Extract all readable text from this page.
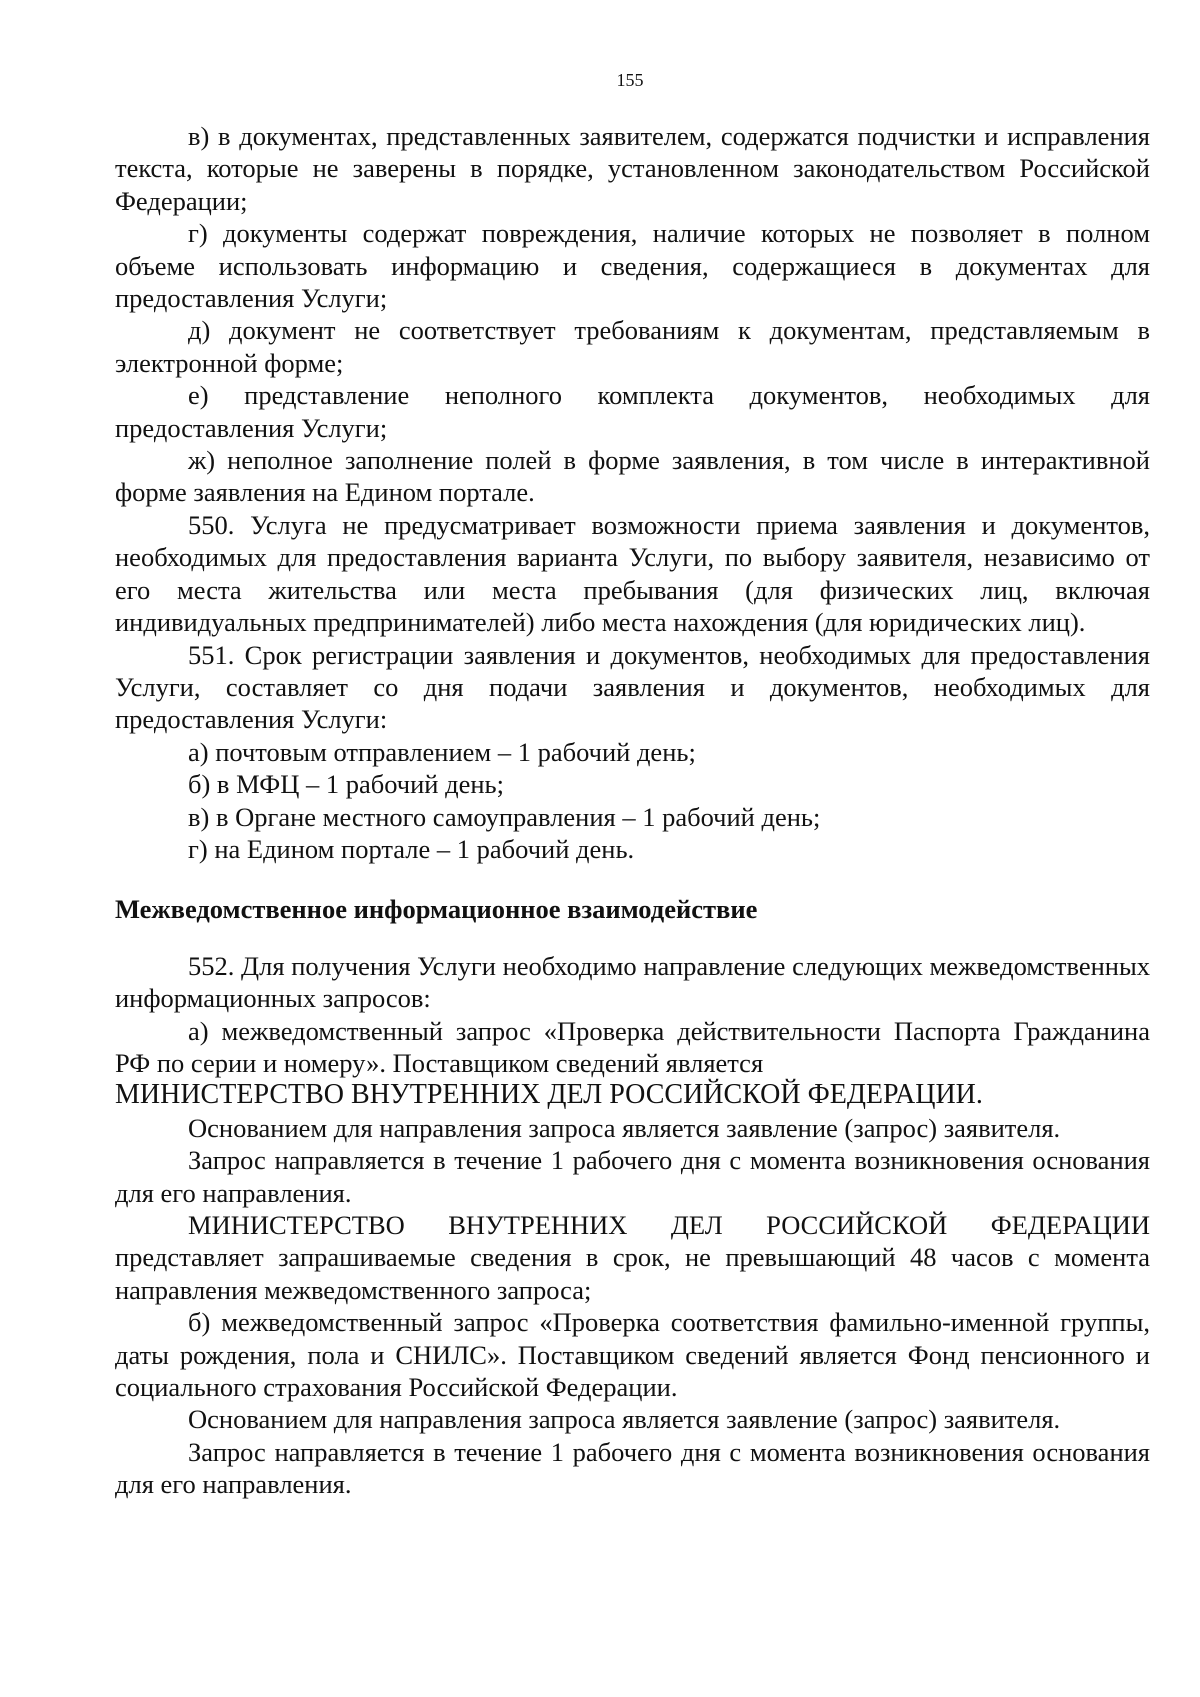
155

в) в документах, представленных заявителем, содержатся подчистки и исправления текста, которые не заверены в порядке, установленном законодательством Российской Федерации;

г) документы содержат повреждения, наличие которых не позволяет в полном объеме использовать информацию и сведения, содержащиеся в документах для предоставления Услуги;

д) документ не соответствует требованиям к документам, представляемым в электронной форме;

е) представление неполного комплекта документов, необходимых для предоставления Услуги;

ж) неполное заполнение полей в форме заявления, в том числе в интерактивной форме заявления на Едином портале.

550. Услуга не предусматривает возможности приема заявления и документов, необходимых для предоставления варианта Услуги, по выбору заявителя, независимо от его места жительства или места пребывания (для физических лиц, включая индивидуальных предпринимателей) либо места нахождения (для юридических лиц).

551. Срок регистрации заявления и документов, необходимых для предоставления Услуги, составляет со дня подачи заявления и документов, необходимых для предоставления Услуги:

а) почтовым отправлением – 1 рабочий день;

б) в МФЦ – 1 рабочий день;

в) в Органе местного самоуправления – 1 рабочий день;

г) на Едином портале – 1 рабочий день.

Межведомственное информационное взаимодействие

552. Для получения Услуги необходимо направление следующих межведомственных информационных запросов:

а) межведомственный запрос «Проверка действительности Паспорта Гражданина РФ по серии и номеру». Поставщиком сведений является

МИНИСТЕРСТВО ВНУТРЕННИХ ДЕЛ РОССИЙСКОЙ ФЕДЕРАЦИИ.

Основанием для направления запроса является заявление (запрос) заявителя.

Запрос направляется в течение 1 рабочего дня с момента возникновения основания для его направления.

МИНИСТЕРСТВО ВНУТРЕННИХ ДЕЛ РОССИЙСКОЙ ФЕДЕРАЦИИ представляет запрашиваемые сведения в срок, не превышающий 48 часов с момента направления межведомственного запроса;

б) межведомственный запрос «Проверка соответствия фамильно-именной группы, даты рождения, пола и СНИЛС». Поставщиком сведений является Фонд пенсионного и социального страхования Российской Федерации.

Основанием для направления запроса является заявление (запрос) заявителя.

Запрос направляется в течение 1 рабочего дня с момента возникновения основания для его направления.
